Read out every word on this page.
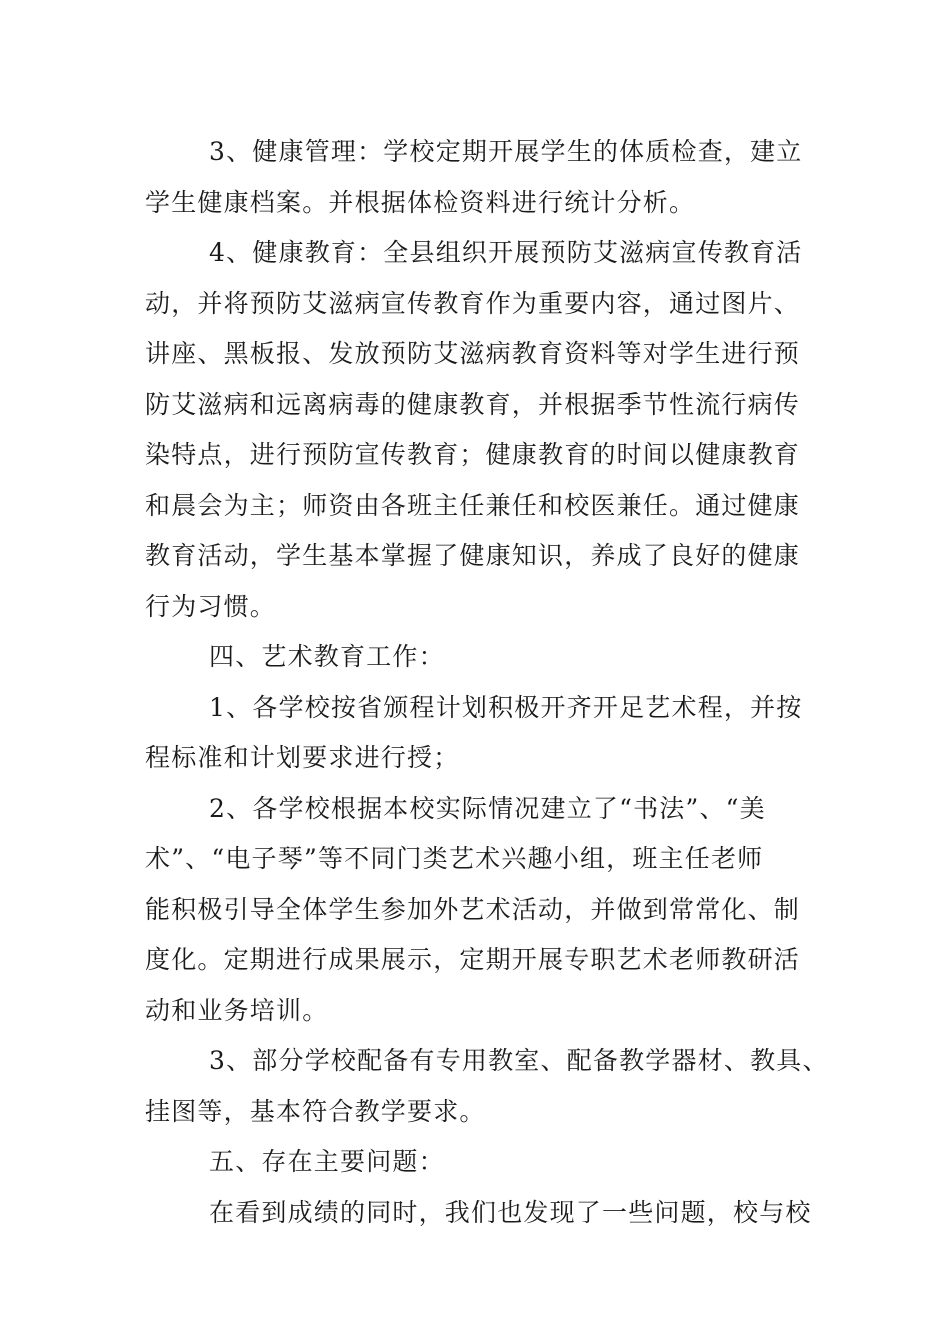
3、健康管理：学校定期开展学生的体质检查，建立
学生健康档案。并根据体检资料进行统计分析。
4、健康教育：全县组织开展预防艾滋病宣传教育活
动，并将预防艾滋病宣传教育作为重要内容，通过图片、
讲座、黑板报、发放预防艾滋病教育资料等对学生进行预
防艾滋病和远离病毒的健康教育，并根据季节性流行病传
染特点，进行预防宣传教育；健康教育的时间以健康教育
和晨会为主；师资由各班主任兼任和校医兼任。通过健康
教育活动，学生基本掌握了健康知识，养成了良好的健康
行为习惯。
四、艺术教育工作：
1、各学校按省颁程计划积极开齐开足艺术程，并按
程标准和计划要求进行授；
2、各学校根据本校实际情况建立了“书法”、“美
术”、“电子琴”等不同门类艺术兴趣小组，班主任老师
能积极引导全体学生参加外艺术活动，并做到常常化、制
度化。定期进行成果展示，定期开展专职艺术老师教研活
动和业务培训。
3、部分学校配备有专用教室、配备教学器材、教具、
挂图等，基本符合教学要求。
五、存在主要问题：
在看到成绩的同时，我们也发现了一些问题，校与校
